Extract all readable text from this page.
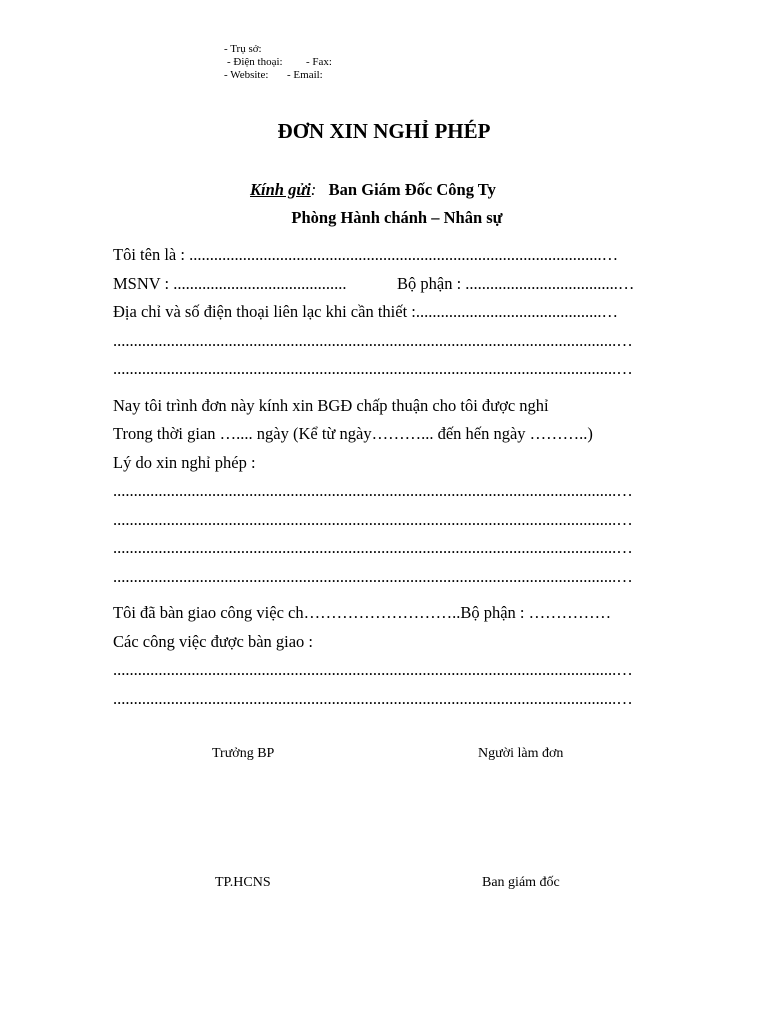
- Trụ sở:
- Điện thoại: - Fax:
- Website: - Email:
ĐƠN XIN NGHỈ PHÉP
Kính gửi: Ban Giám Đốc Công Ty
Phòng Hành chánh – Nhân sự
Tôi tên là : ....................................................................................................…
MSNV : ..........................................	Bộ phận : .....................................…
Địa chỉ và số điện thoại liên lạc khi cần thiết :.............................................…
..........................................................................................................................…
..........................................................................................................................…
Nay tôi trình đơn này kính xin BGĐ chấp thuận cho tôi được nghỉ
Trong thời gian ….... ngày (Kể từ ngày………... đến hến ngày ………..)
Lý do xin nghỉ phép :
..........................................................................................................................…
..........................................................................................................................…
..........................................................................................................................…
..........................................................................................................................…
Tôi đã bàn giao công việc ch………………………..Bộ phận : ……………
Các công việc được bàn giao :
..........................................................................................................................…
..........................................................................................................................…
Trưởng BP	Người làm đơn
TP.HCNS	Ban giám đốc
